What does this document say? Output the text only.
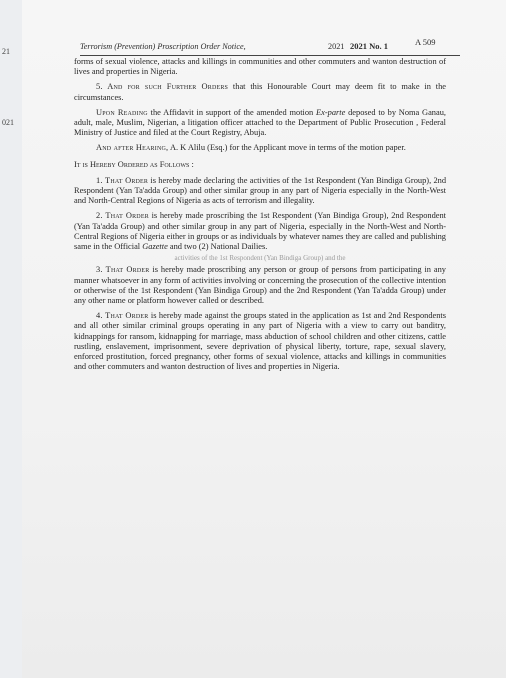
21
021
Terrorism (Prevention) Proscription Order Notice,	2021 2021 No. 1	A 509

forms of sexual violence, attacks and killings in communities and other commuters and wanton destruction of lives and properties in Nigeria.

5. And for such Further Orders that this Honourable Court may deem fit to make in the circumstances.

Upon Reading the Affidavit in support of the amended motion Ex-parte deposed to by Noma Ganau, adult, male, Muslim, Nigerian, a litigation officer attached to the Department of Public Prosecution , Federal Ministry of Justice and filed at the Court Registry, Abuja.

And after Hearing, A. K Alilu (Esq.) for the Applicant move in terms of the motion paper.

It is Hereby Ordered as Follows :

1. That Order is hereby made declaring the activities of the 1st Respondent (Yan Bindiga Group), 2nd Respondent (Yan Ta'adda Group) and other similar group in any part of Nigeria especially in the North-West and North-Central Regions of Nigeria as acts of terrorism and illegality.

2. That Order is hereby made proscribing the 1st Respondent (Yan Bindiga Group), 2nd Respondent (Yan Ta'adda Group) and other similar group in any part of Nigeria, especially in the North-West and North-Central Regions of Nigeria either in groups or as individuals by whatever names they are called and publishing same in the Official Gazette and two (2) National Dailies.

activities of the 1st Respondent (Yan Bindiga Group) and the

3. That Order is hereby made proscribing any person or group of persons from participating in any manner whatsoever in any form of activities involving or concerning the prosecution of the collective intention or otherwise of the 1st Respondent (Yan Bindiga Group) and the 2nd Respondent (Yan Ta'adda Group) under any other name or platform however called or described.

4. That Order is hereby made against the groups stated in the application as 1st and 2nd Respondents and all other similar criminal groups operating in any part of Nigeria with a view to carry out banditry, kidnappings for ransom, kidnapping for marriage, mass abduction of school children and other citizens, cattle rustling, enslavement, imprisonment, severe deprivation of physical liberty, torture, rape, sexual slavery, enforced prostitution, forced pregnancy, other forms of sexual violence, attacks and killings in communities and other commuters and wanton destruction of lives and properties in Nigeria.
